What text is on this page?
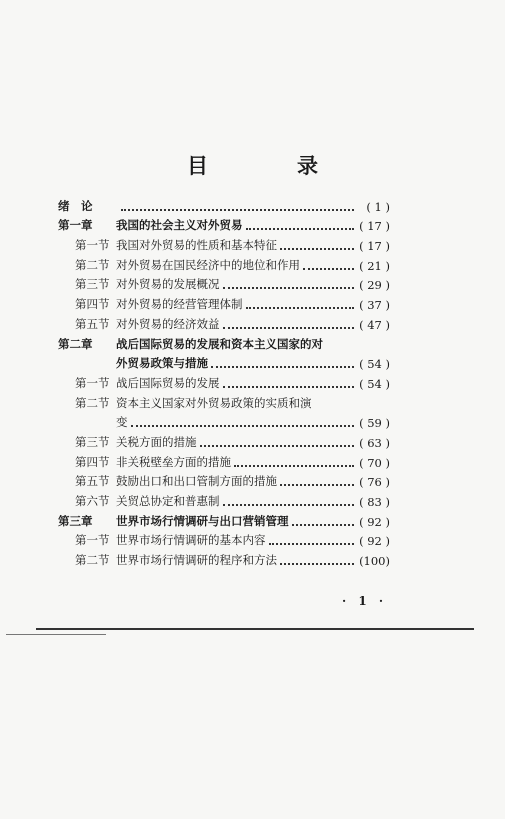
目　录
绪　论	( 1 )
第一章	我国的社会主义对外贸易	( 17 )
第一节 我国对外贸易的性质和基本特征	( 17 )
第二节 对外贸易在国民经济中的地位和作用	( 21 )
第三节 对外贸易的发展概况	( 29 )
第四节 对外贸易的经营管理体制	( 37 )
第五节 对外贸易的经济效益	( 47 )
第二章	战后国际贸易的发展和资本主义国家的对
外贸易政策与措施	( 54 )
第一节 战后国际贸易的发展	( 54 )
第二节 资本主义国家对外贸易政策的实质和演
变	( 59 )
第三节 关税方面的措施	( 63 )
第四节 非关税壁垒方面的措施	( 70 )
第五节 鼓励出口和出口管制方面的措施	( 76 )
第六节 关贸总协定和普惠制	( 83 )
第三章	世界市场行情调研与出口营销管理	( 92 )
第一节 世界市场行情调研的基本内容	( 92 )
第二节 世界市场行情调研的程序和方法	(100)
· 1 ·
